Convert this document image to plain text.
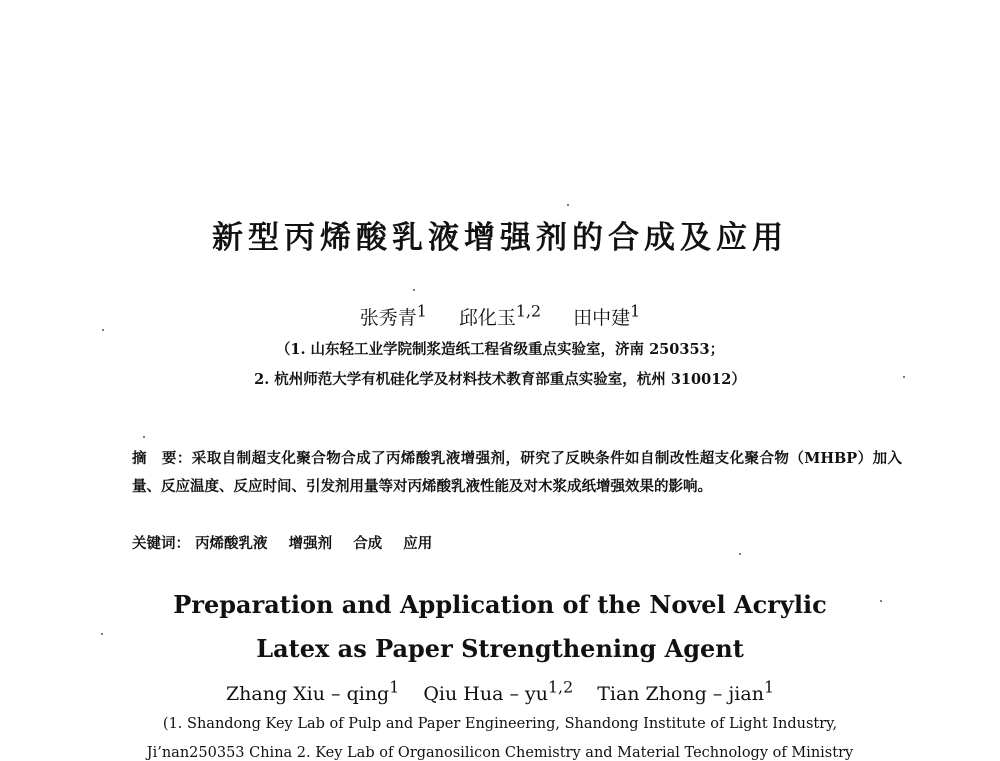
新型丙烯酸乳液增强剂的合成及应用
张秀青$^1$ 邱化玉$^{1,2}$ 田中建$^1$
（1. 山东轻工业学院制浆造纸工程省级重点实验室，济南 250353；
2. 杭州师范大学有机硅化学及材料技术教育部重点实验室，杭州 310012）
摘　要：采取自制超支化聚合物合成了丙烯酸乳液增强剂，研究了反映条件如自制改性超支化聚合物（MHBP）加入量、反应温度、反应时间、引发剂用量等对丙烯酸乳液性能及对木浆成纸增强效果的影响。
关键词： 丙烯酸乳液 增强剂 合成 应用
Preparation and Application of the Novel Acrylic
Latex as Paper Strengthening Agent
Zhang Xiu – qing$^1$ Qiu Hua – yu$^{1,2}$ Tian Zhong – jian$^1$
(1. Shandong Key Lab of Pulp and Paper Engineering, Shandong Institute of Light Industry,
Ji’nan250353 China 2. Key Lab of Organosilicon Chemistry and Material Technology of Ministry
